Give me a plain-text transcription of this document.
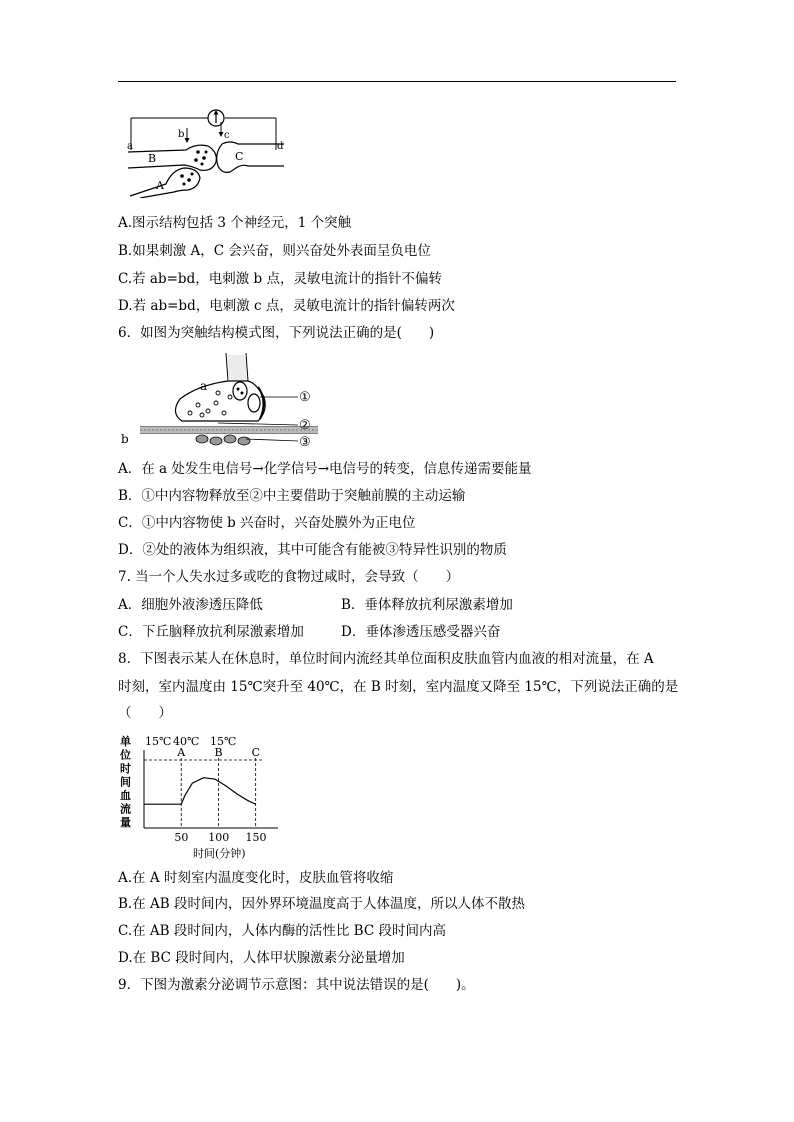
a
b	c
d
B	C
A
A.图示结构包括 3 个神经元，1 个突触
B.如果刺激 A，C 会兴奋，则兴奋处外表面呈负电位
C.若 ab=bd，电刺激 b 点，灵敏电流计的指针不偏转
D.若 ab=bd，电刺激 c 点，灵敏电流计的指针偏转两次
6．如图为突触结构模式图，下列说法正确的是(　　)
①
②
③
a
b
A．在 a 处发生电信号→化学信号→电信号的转变，信息传递需要能量
B．①中内容物释放至②中主要借助于突触前膜的主动运输
C．①中内容物使 b 兴奋时，兴奋处膜外为正电位
D．②处的液体为组织液，其中可能含有能被③特异性识别的物质
7. 当一个人失水过多或吃的食物过咸时，会导致（　　）
A．细胞外液渗透压降低	B．垂体释放抗利尿激素增加
C．下丘脑释放抗利尿激素增加	D．垂体渗透压感受器兴奋
8．下图表示某人在休息时，单位时间内流经其单位面积皮肤血管内血液的相对流量，在 A
时刻，室内温度由 15℃突升至 40℃，在 B 时刻，室内温度又降至 15℃，下列说法正确的是
（　　）
单
位
时
间
血
流
量
15℃ 40℃ 15℃
A
50
B
100
C
150
时间(分钟)
A.在 A 时刻室内温度变化时，皮肤血管将收缩
B.在 AB 段时间内，因外界环境温度高于人体温度，所以人体不散热
C.在 AB 段时间内，人体内酶的活性比 BC 段时间内高
D.在 BC 段时间内，人体甲状腺激素分泌量增加
9．下图为激素分泌调节示意图：其中说法错误的是(　　)。
